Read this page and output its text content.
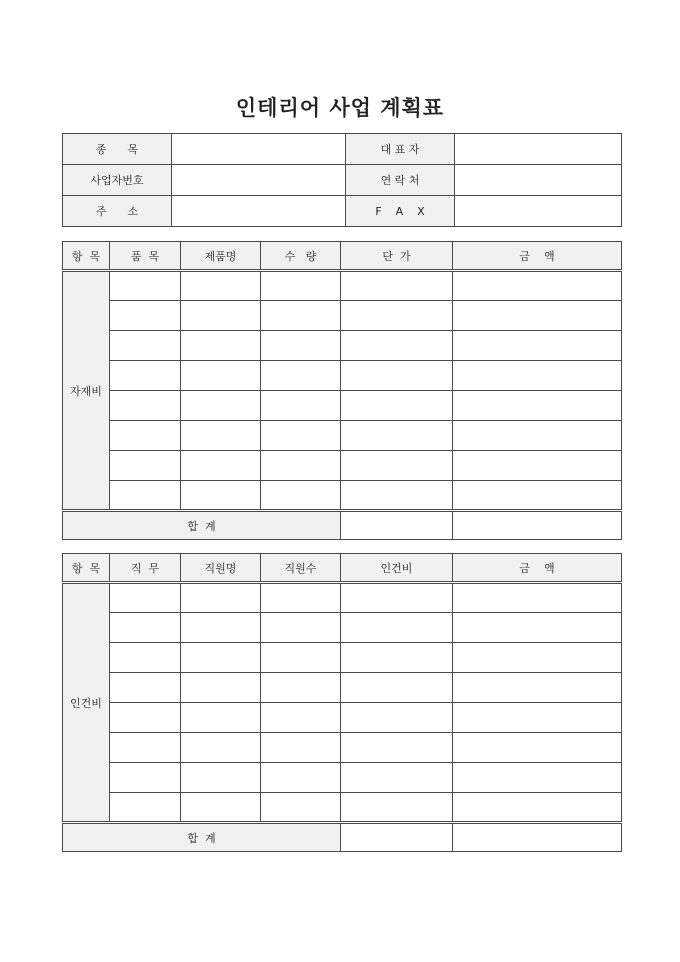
인테리어 사업 계획표
종      목		대 표 자	
사업자번호		연 락 처	
주      소		F    A    X	
항  목	품  목	제품명	수   량	단  가	금    액
자재비					

합  계					
항  목	직  무	직원명	직원수	인건비	금    액
인건비					

합  계					
